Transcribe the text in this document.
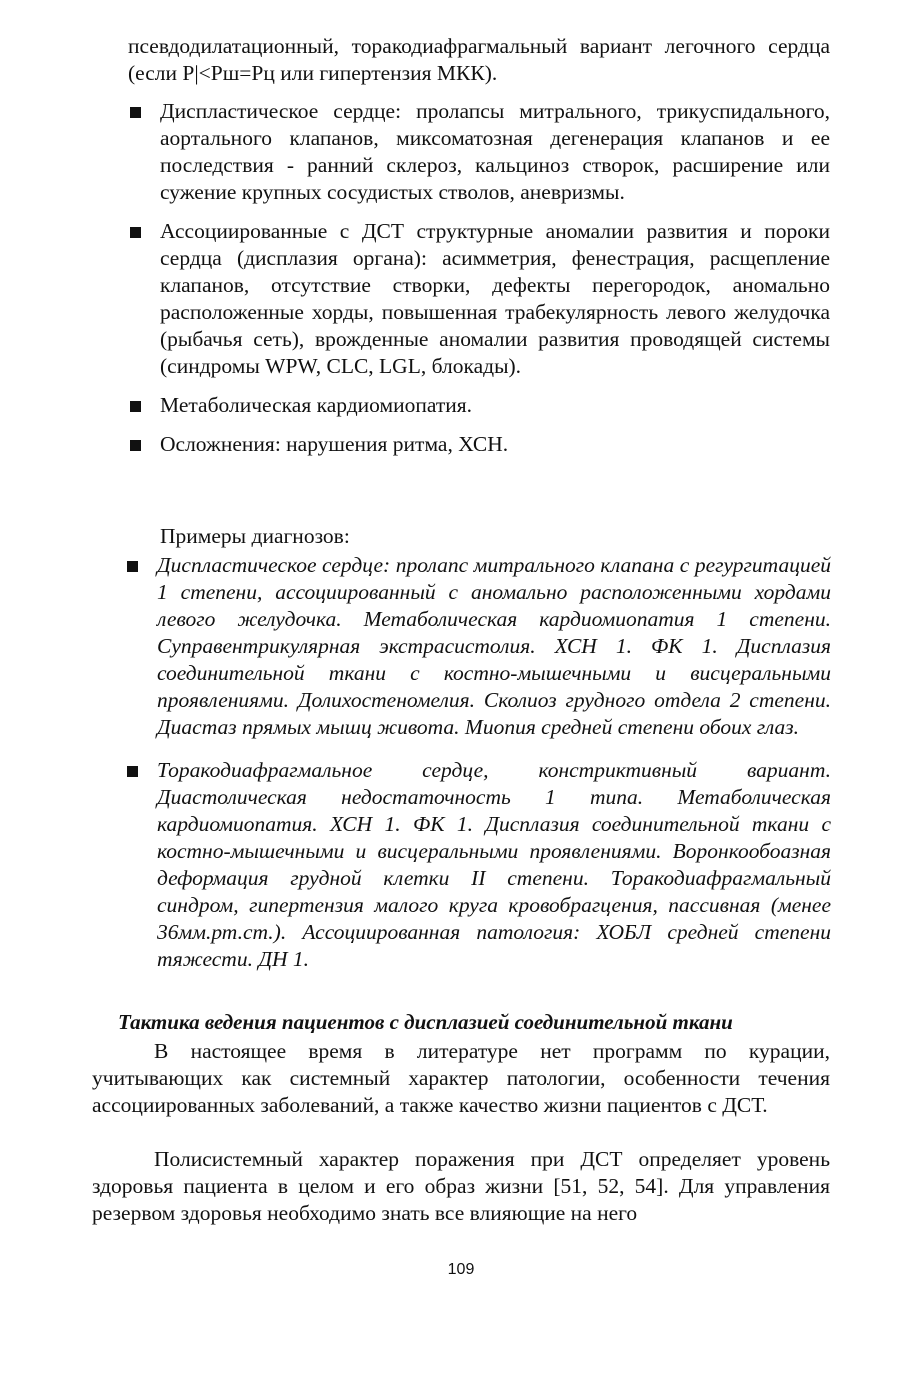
псевдодилатационный, торакодиафрагмальный вариант легочного сердца (если Р|<Рш=Рц или гипертензия МКК).
Диспластическое сердце: пролапсы митрального, трикуспидального, аортального клапанов, миксоматозная дегенерация клапанов и ее последствия - ранний склероз, кальциноз створок, расширение или сужение крупных сосудистых стволов, аневризмы.
Ассоциированные с ДСТ структурные аномалии развития и пороки сердца (дисплазия органа): асимметрия, фенестрация, расщепление клапанов, отсутствие створки, дефекты перегородок, аномально расположенные хорды, повышенная трабекулярность левого желудочка (рыбачья сеть), врожденные аномалии развития проводящей системы (синдромы WPW, CLC, LGL, блокады).
Метаболическая кардиомиопатия.
Осложнения: нарушения ритма, ХСН.
Примеры диагнозов:
Диспластическое сердце: пролапс митрального клапана с регургитацией 1 степени, ассоциированный с аномально расположенными хордами левого желудочка. Метаболическая кардиомиопатия 1 степени. Суправентрикулярная экстрасистолия. ХСН 1. ФК 1. Дисплазия соединительной ткани с костно-мышечными и висцеральными проявлениями. Долихостеномелия. Сколиоз грудного отдела 2 степени. Диастаз прямых мышц живота. Миопия средней степени обоих глаз.
Торакодиафрагмальное сердце, констриктивный вариант. Диастолическая недостаточность 1 типа. Метаболическая кардиомиопатия. ХСН 1. ФК 1. Дисплазия соединительной ткани с костно-мышечными и висцеральными проявлениями. Воронкообоазная деформация грудной клетки II степени. Торакодиафрагмальный синдром, гипертензия малого круга кровобрагцения, пассивная (менее 36мм.рт.ст.). Ассоциированная патология: ХОБЛ средней степени тяжести. ДН 1.
Тактика ведения пациентов с дисплазией соединительной ткани
В настоящее время в литературе нет программ по курации, учитывающих как системный характер патологии, особенности течения ассоциированных заболеваний, а также качество жизни пациентов с ДСТ.
Полисистемный характер поражения при ДСТ определяет уровень здоровья пациента в целом и его образ жизни [51, 52, 54]. Для управления резервом здоровья необходимо знать все влияющие на него
109
